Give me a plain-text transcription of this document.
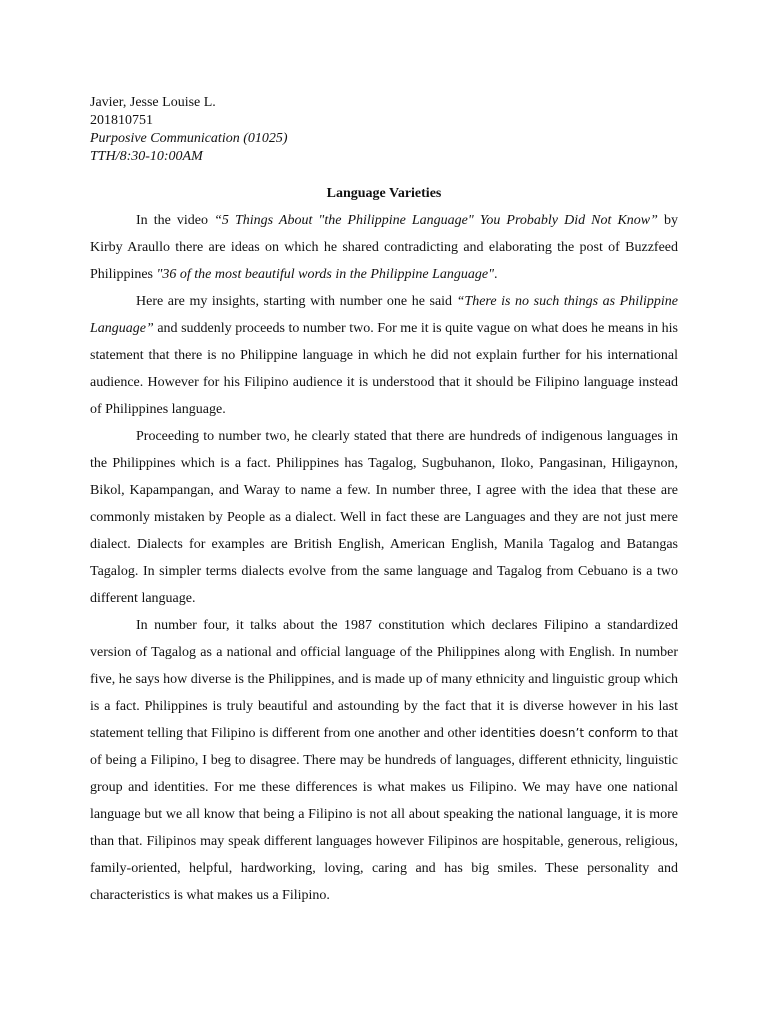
Javier, Jesse Louise L.
201810751
Purposive Communication (01025)
TTH/8:30-10:00AM
Language Varieties

In the video “5 Things About "the Philippine Language" You Probably Did Not Know” by Kirby Araullo there are ideas on which he shared contradicting and elaborating the post of Buzzfeed Philippines "36 of the most beautiful words in the Philippine Language".

Here are my insights, starting with number one he said “There is no such things as Philippine Language” and suddenly proceeds to number two. For me it is quite vague on what does he means in his statement that there is no Philippine language in which he did not explain further for his international audience. However for his Filipino audience it is understood that it should be Filipino language instead of Philippines language.

Proceeding to number two, he clearly stated that there are hundreds of indigenous languages in the Philippines which is a fact. Philippines has Tagalog, Sugbuhanon, Iloko, Pangasinan, Hiligaynon, Bikol, Kapampangan, and Waray to name a few. In number three, I agree with the idea that these are commonly mistaken by People as a dialect. Well in fact these are Languages and they are not just mere dialect. Dialects for examples are British English, American English, Manila Tagalog and Batangas Tagalog. In simpler terms dialects evolve from the same language and Tagalog from Cebuano is a two different language.

In number four, it talks about the 1987 constitution which declares Filipino a standardized version of Tagalog as a national and official language of the Philippines along with English. In number five, he says how diverse is the Philippines, and is made up of many ethnicity and linguistic group which is a fact. Philippines is truly beautiful and astounding by the fact that it is diverse however in his last statement telling that Filipino is different from one another and other identities doesn’t conform to that of being a Filipino, I beg to disagree. There may be hundreds of languages, different ethnicity, linguistic group and identities. For me these differences is what makes us Filipino. We may have one national language but we all know that being a Filipino is not all about speaking the national language, it is more than that. Filipinos may speak different languages however Filipinos are hospitable, generous, religious, family-oriented, helpful, hardworking, loving, caring and has big smiles. These personality and characteristics is what makes us a Filipino.
